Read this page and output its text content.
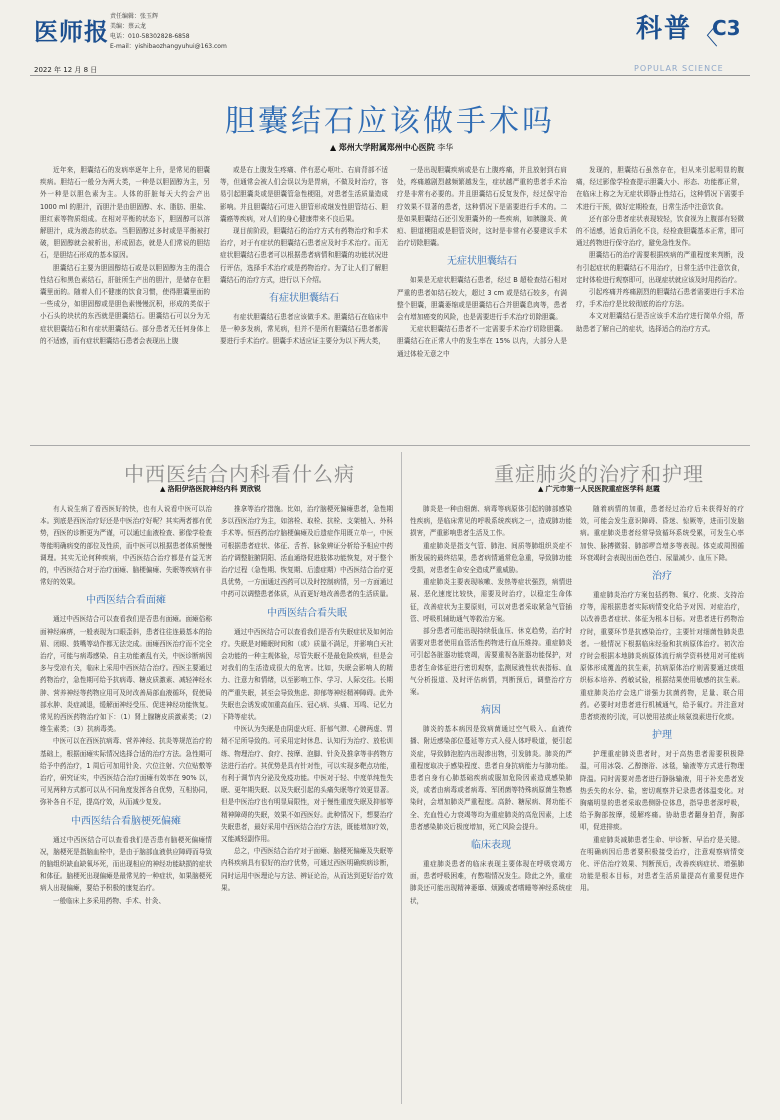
医师报
2022 年 12 月 8 日
责任编辑：张玉辉
美编：蔡云龙
电话：010-58302828-6858
E-mail：yishibaozhangyuhui@163.com
科普 〈
C3
POPULAR SCIENCE
胆囊结石应该做手术吗
▲ 郑州大学附属郑州中心医院 李华

近年来，胆囊结石的发病率逐年上升，是常见的胆囊疾病。胆结石一般分为两大类，一种是以胆固醇为主，另外一种是以胆色素为主。人体的肝脏每天大约会产出 1000 ml 的胆汁，而胆汁是由胆固醇、水、脂肪、胆盐、胆红素等物质组成。在相对平衡的状态下，胆固醇可以溶解胆汁，成为液态的状态。当胆固醇过多时或是平衡被打破，胆固醇就会被析出，形成固态，就是人们常说的胆结石，是胆结石形成的基本原因。

胆囊结石主要为胆固醇结石或是以胆固醇为主的混合性结石和黑色素结石，肝脏所生产出的胆汁，是储存在胆囊里面的。随着人们不健康的饮食习惯，使得胆囊里面的一些成分，如胆固醇或是胆色素慢慢沉积，形成的类似于小石头的块状的东西就是胆囊结石。胆囊结石可以分为无症状胆囊结石和有症状胆囊结石。部分患者无任何身体上的不适感，而有症状胆囊结石患者会表现出上腹

或是右上腹发生疼痛、伴有恶心呕吐、右肩背部不适等，但通常会被人们会误以为是胃病，不做及时治疗，容易引起胆囊炎或是胆囊管急性梗阻，对患者生活质量造成影响。并且胆囊结石可进入胆管形成继发性胆管结石、胆囊癌等疾病，对人们的身心健康带来不良后果。

现目前阶段，胆囊结石的治疗方式有药物治疗和手术治疗，对于有症状的胆囊结石患者应及时手术治疗。而无症状胆囊结石患者可以根据患者病情和胆囊的功能状况进行评估，选择手术治疗或是药物治疗。为了让人们了解胆囊结石的治疗方式，进行以下介绍。

有症状胆囊结石

有症状胆囊结石患者应该做手术。胆囊结石在临床中是一种多发病，常见病，但并不是所有胆囊结石患者都需要进行手术治疗。胆囊手术适应证主要分为以下两大类，

一是出现胆囊疾病或是右上腹疼痛，并且放射到右肩处，疼痛越剧烈越频繁越发生，症状越严重的患者手术治疗是非常有必要的。并且胆囊结石反复发作，经过保守治疗效果不显著的患者，这种情况下是需要进行手术的。二是如果胆囊结石还引发胆囊外的一些疾病，如胰腺炎、黄疸、胆道梗阻或是胆管炎时，这时是非常有必要建议手术治疗切除胆囊。

无症状胆囊结石

如果是无症状胆囊结石患者，经过 B 超检查结石相对严重的患者如结石较大，超过 3 cm 或是结石较多，有满整个胆囊，胆囊萎缩或是胆囊结石合并胆囊息肉等，患者会有增加癌变的风险，也是需要进行手术治疗切除胆囊。

无症状胆囊结石患者不一定需要手术治疗切除胆囊。胆囊结石在正常人中的发生率在 15% 以内，大部分人是通过体检无意之中

发现的，胆囊结石虽然存在，但从来引起明显的腹痛，经过影像学检查提示胆囊大小、形态、功能都正常，在临床上称之为无症状即静止性结石，这种情况下需要手术进行干预，做好定期检查，日常生活中注意饮食。

还有部分患者症状表现较轻，饮食视为上腹部有轻微的不适感，适食后消化不良，经检查胆囊基本正常，即可通过药物进行保守治疗，避免急性发作。

胆囊结石的治疗需要根据疾病的严重程度来判断，没有引起症状的胆囊结石不用治疗，日常生活中注意饮食，定时体检进行观察即可，出现症状就应该及时用药治疗。

引起疼痛并疼痛剧烈的胆囊结石患者需要进行手术治疗，手术治疗是比较彻底的治疗方法。

本文对胆囊结石是否应该手术治疗进行简单介绍，帮助患者了解自己的症状，选择适合的治疗方式。

中西医结合内科看什么病
▲ 洛阳伊洛医院神经内科 贾欣锐

有人说生病了看西医好的快，也有人说看中医可以治本。到底是西医治疗好还是中医治疗好呢？其实两者都有优势，西医的诊断更为严谨，可以通过血液检查、影像学检查等能明确病变的部位及性质，而中医可以根据患者体质慢慢调理。其实无论何种疾病，中西医结合治疗都是有益无害的，中西医结合对于治疗面瘫、脑梗偏瘫、失眠等疾病有非常好的效果。

中西医结合看面瘫

通过中西医结合可以查看我们是否患有面瘫。面瘫俗称面神经麻痹，一般表现为口眼歪斜，患者往往连最基本的抬眉、闭眼、鼓嘴等动作都无法完成。面瘫西医治疗而不完全治疗，可能与病毒感染、自主功能紊乱有关，中医诊断病因多与受凉有关，临床上采用中西医结合治疗。西医主要通过药物治疗，急性期可给予抗病毒、糖皮质激素、减轻神经水肿、营养神经等药物应用可及时改善局部血液循环，促使局部水肿、炎症减退，缓解面神经受压、促进神经功能恢复。常见的西医药物治疗如下：（1）肾上腺糖皮质激素类；（2）维生素类；（3）抗病毒类。

中医可以在西医抗病毒、营养神经、抗炎等规范治疗的基础上，根据面瘫实际情况选择合适的治疗方法。急性期可给予中药治疗，1 周后可加用针灸、穴位注射、穴位贴敷等治疗，研究证实，中西医结合治疗面瘫有效率在 90% 以，可见两种方式都可以从不同角度发挥各自优势，互相协同，弥补各自不足，提高疗效，从而减少复发。

中西医结合看脑梗死偏瘫

通过中西医结合可以查看我们是否患有脑梗死偏瘫情况，脑梗死是指脑血栓中，是由于脑部血液供应障碍而导致的脑组织缺血缺氧坏死，而出现相应的神经功能缺损的症状和体征。脑梗死出现偏瘫是最常见的一种症状，如果脑梗死病人出现偏瘫，要给予积极的康复治疗。

一般临床上多采用药物、手术、针灸、

推拿等治疗措施。比如，治疗脑梗死偏瘫患者，急性期多以西医治疗为主，如溶栓、取栓、抗栓、支架植入、外科手术等。恒西药治疗脑梗偏瘫及后遗症作用既立单一，中医可根据患者症状、体征、舌苔、脉象辨证分析给予相应中药治疗调整脏腑阴阳、活血通络促进肢体功能恢复，对于整个治疗过程（急性期、恢复期、后遗症期）中西医结合治疗更具优势，一方面通过西药可以及时控制病情，另一方面通过中药可以调整患者体质，从而更好地改善患者的生活质量。

中西医结合看失眠

通过中西医结合可以查看我们是否有失眠症状及如何治疗。失眠是对睡眠时间和（或）质量不满足，并影响白天社会功能的一种主观体验，尽管失眠不是最危险疾病，但是会对我们的生活造成很大的危害。比如，失眠会影响人的精力、注意力和情绪，以至影响工作、学习、人际交往。长期的严重失眠，甚至会导致焦虑、抑郁等神经精神障碍。此外失眠也会诱发或加重高血压、冠心病、头痛、耳鸣、记忆力下降等症状。

中医认为失眠是由阴虚火旺、肝郁气滞、心脾两虚、胃精不足所导致的。可采用定时休息、认知行为治疗、放松训练、物理治疗、食疗、按摩、泡脚、针灸及推拿等非药物方法进行治疗。其优势是具有针对性，可以实现多靶点功能，有利于调节内分泌及免疫功能。中医对于轻、中度单纯性失眠、更年期失眠、以及失眠引起的头痛失眠等疗效更显著。但是中医治疗也有明显局限性，对于慢性重度失眠及抑郁等精神障碍的失眠，效果不如西医好。此种情况下，想要治疗失眠患者，最好采用中西医结合治疗方法，既能增加疗效，又能减轻副作用。

总之，中西医结合治疗对于面瘫、脑梗死偏瘫及失眠等内科疾病具有很好的治疗优势，可通过西医明确疾病诊断，同时运用中医理论与方法、辨证论治，从而达到更好治疗效果。

重症肺炎的治疗和护理
▲ 广元市第一人民医院重症医学科 赵霞

肺炎是一种由细菌、病毒等病原体引起的肺部感染性疾病，是临床常见的呼吸系统疾病之一，造成肺功能损害，严重影响患者生活及工作。

重症肺炎是指支气管、肺泡、间质等肺组织炎症不断发展的最终结果，患者病情通常危急重，导致肺功能受损，对患者生命安全造成严重威胁。

重症肺炎主要表现咳嗽、发热等症状强烈，病情进展、恶化速度比较快，需要及时治疗，以稳定生命体征，改善症状为主要原则，可以对患者采取紧急气管插管、呼吸机辅助通气等救治方案。

部分患者可能出现持续低血压、休克趋势，治疗时需要对患者使用血管活性药物进行血压维持。重症肺炎可引起各脏器功能衰竭，需要重视各脏器功能保护，对患者生命体征进行密切观察，监测尿液性状表指标、血气分析报道、及时评估病情，判断预后，调整治疗方案。

病因

肺炎的基本病因是致病菌通过空气吸入、血液传播、附近感染部位蔓延等方式入侵人体呼吸道，便引起炎症，导致肺泡腔内出现渗出物，引发肺炎。肺炎的严重程度取决于感染程度、患者自身抗病能力与肺功能。患者自身有心肺基础疾病或服加危险因素造成感染肺炎，或者由病毒或者病毒、军团菌等特殊病原菌生物感染时，会增加肺炎严重程度。高龄、糖尿病、肾功能不全、充血性心力衰竭等均为重症肺炎的高危因素，上述患者感染肺炎后极度增加，死亡风险会提升。

临床表现

重症肺炎患者的临床表现主要体现在呼吸衰竭方面，患者呼吸困难，有憋喘情况发生。除此之外，重症肺炎还可能出现精神萎靡、烦躁或者嗜睡等神经系统症状，

随着病情的加重，患者经过治疗后未获得好的疗效，可能会发生意识障碍、昏迷、惊厥等，进而引发脑病。重症肺炎患者经常导致循环系统受累，可发生心率加快、脉搏微弱、肺部啰音增多等表现。体克或周围循环衰竭时会表现出面色苍白、尿量减少、血压下降。

治疗

重症肺炎治疗方案包括药物、氧疗、化痰、支持治疗等，需根据患者实际病情变化给予对因、对症治疗，以改善患者症状、体征为根本目标。对患者进行药物治疗时，重要环节是抗感染治疗，主要针对细菌性肺炎患者。一般情况下根据临床经验和抗病原体治疗。初次治疗时会根据本地肺炎病原体流行病学资料使用对可能病原体形成覆盖的抗生素，抗病原体治疗则需要通过痰组织标本培养、药敏试验，根据结果使用敏感的抗生素。重症肺炎治疗会选广谱强力抗菌药物，足量、联合用药。必要时对患者进行机械通气，给予氧疗。并注意对患者痰液的引流，可以使用祛痰止咳氨溴素进行化痰。

护理

护理重症肺炎患者时，对于高热患者需要积极降温，可用冰袋、乙醇擦浴、冰毯，输液等方式进行物理降温。同时需要对患者进行静脉输液，用于补充患者发热丢失的水分、盐，密切观察并记录患者体温变化。对胸痛明显的患者采取患侧卧位体息，指导患者深呼吸，给予胸部按摩，缓解疼痛。协助患者翻身拍背，胸部叩，促进排痰。

重症肺炎减肺患者生命、甲诊断、早治疗是关键。在明确病因后患者要积极接受治疗，注意观察病情变化、评估治疗效果、判断预后，改善疾病症状、增强肺功能是根本目标，对患者生活质量提高有重要促进作用。
